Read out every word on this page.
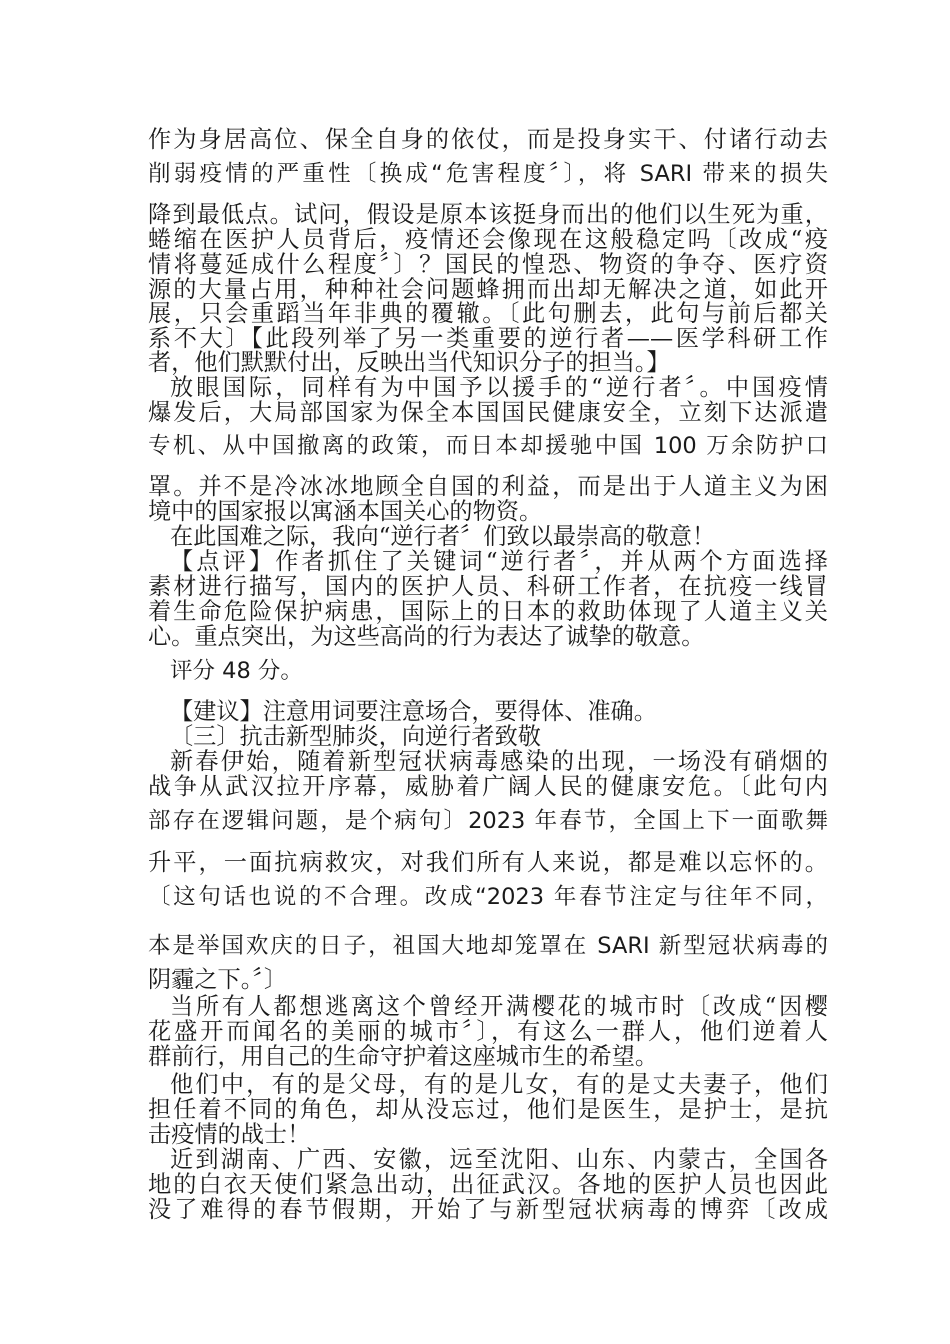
作为身居高位、保全自身的依仗，而是投身实干、付诸行动去
削弱疫情的严重性〔换成“危害程度〞〕，将 SARI 带来的损失
降到最低点。试问，假设是原本该挺身而出的他们以生死为重，
蜷缩在医护人员背后，疫情还会像现在这般稳定吗〔改成“疫
情将蔓延成什么程度〞〕？国民的惶恐、物资的争夺、医疗资
源的大量占用，种种社会问题蜂拥而出却无解决之道，如此开
展，只会重蹈当年非典的覆辙。〔此句删去，此句与前后都关
系不大〕【此段列举了另一类重要的逆行者——医学科研工作
者，他们默默付出，反映出当代知识分子的担当。】
放眼国际，同样有为中国予以援手的“逆行者〞。中国疫情
爆发后，大局部国家为保全本国国民健康安全，立刻下达派遣
专机、从中国撤离的政策，而日本却援驰中国 100 万余防护口
罩。并不是冷冰冰地顾全自国的利益，而是出于人道主义为困
境中的国家报以寓涵本国关心的物资。
在此国难之际，我向“逆行者〞们致以最崇高的敬意！
【点评】作者抓住了关键词“逆行者〞，并从两个方面选择
素材进行描写，国内的医护人员、科研工作者，在抗疫一线冒
着生命危险保护病患，国际上的日本的救助体现了人道主义关
心。重点突出，为这些高尚的行为表达了诚挚的敬意。
评分 48 分。
【建议】注意用词要注意场合，要得体、准确。
〔三〕抗击新型肺炎，向逆行者致敬
新春伊始，随着新型冠状病毒感染的出现，一场没有硝烟的
战争从武汉拉开序幕，威胁着广阔人民的健康安危。〔此句内
部存在逻辑问题，是个病句〕2023 年春节，全国上下一面歌舞
升平，一面抗病救灾，对我们所有人来说，都是难以忘怀的。
〔这句话也说的不合理。改成“2023 年春节注定与往年不同，
本是举国欢庆的日子，祖国大地却笼罩在 SARI 新型冠状病毒的
阴霾之下。〞〕
当所有人都想逃离这个曾经开满樱花的城市时〔改成“因樱
花盛开而闻名的美丽的城市〞〕，有这么一群人，他们逆着人
群前行，用自己的生命守护着这座城市生的希望。
他们中，有的是父母，有的是儿女，有的是丈夫妻子，他们
担任着不同的角色，却从没忘过，他们是医生，是护士，是抗
击疫情的战士！
近到湖南、广西、安徽，远至沈阳、山东、内蒙古，全国各
地的白衣天使们紧急出动，出征武汉。各地的医护人员也因此
没了难得的春节假期，开始了与新型冠状病毒的博弈〔改成
